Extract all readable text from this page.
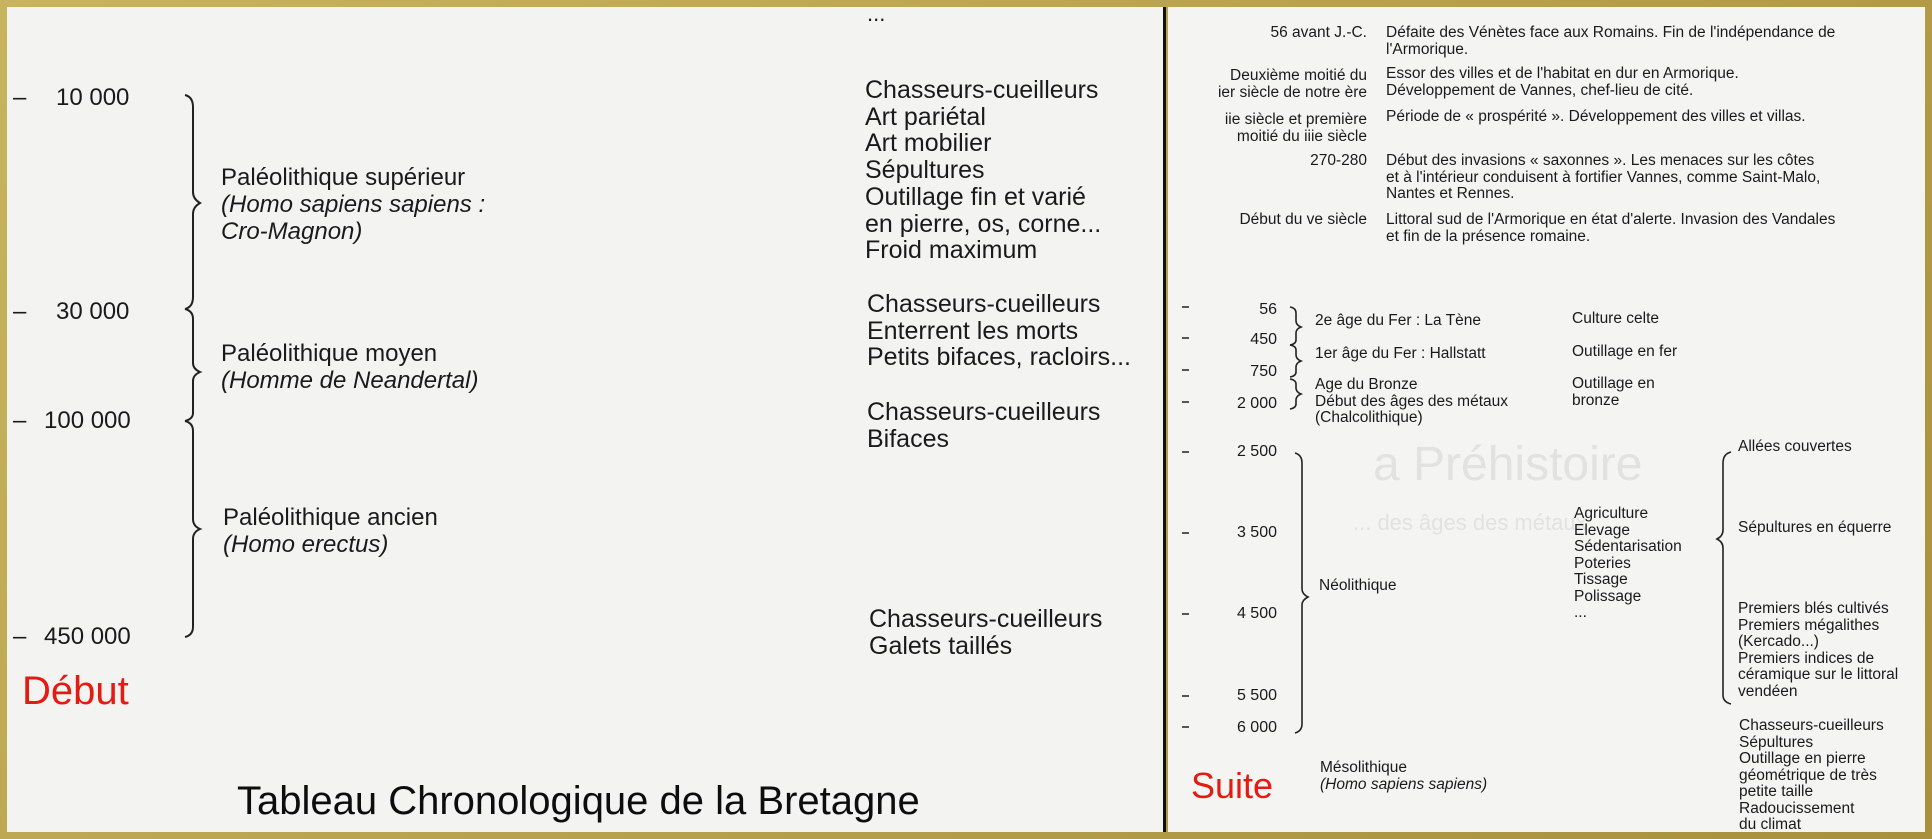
...
– 10 000
– 30 000
– 100 000
– 450 000
Paléolithique supérieur
(Homo sapiens sapiens :
Cro-Magnon)
Paléolithique moyen
(Homme de Neandertal)
Paléolithique ancien
(Homo erectus)
Chasseurs-cueilleurs
Art pariétal
Art mobilier
Sépultures
Outillage fin et varié
en pierre, os, corne...
Froid maximum
Chasseurs-cueilleurs
Enterrent les morts
Petits bifaces, racloirs...
Chasseurs-cueilleurs
Bifaces
Chasseurs-cueilleurs
Galets taillés
Début
Tableau Chronologique de la Bretagne
a Préhistoire
... des âges des métaux
56 avant J.-C. Défaite des Vénètes face aux Romains. Fin de l'indépendance de
l'Armorique.
Deuxième moitié du
ier siècle de notre ère
Essor des villes et de l'habitat en dur en Armorique.
Développement de Vannes, chef-lieu de cité.
iie siècle et première
moitié du iiie siècle
Période de « prospérité ». Développement des villes et villas.
270-280 Début des invasions « saxonnes ». Les menaces sur les côtes
et à l'intérieur conduisent à fortifier Vannes, comme Saint-Malo,
Nantes et Rennes.
Début du ve siècle Littoral sud de l'Armorique en état d'alerte. Invasion des Vandales
et fin de la présence romaine.
56
450
750
2 000
2 500
3 500
4 500
5 500
6 000
2e âge du Fer : La Tène	Culture celte
1er âge du Fer : Hallstatt	Outillage en fer
Age du Bronze
Début des âges des métaux
(Chalcolithique)
Outillage en
bronze
Néolithique
Agriculture
Elevage
Sédentarisation
Poteries
Tissage
Polissage
...
Allées couvertes
Sépultures en équerre
Premiers blés cultivés
Premiers mégalithes
(Kercado...)
Premiers indices de
céramique sur le littoral
vendéen
Mésolithique
(Homo sapiens sapiens)
Chasseurs-cueilleurs
Sépultures
Outillage en pierre
géométrique de très
petite taille
Radoucissement
du climat
Suite
